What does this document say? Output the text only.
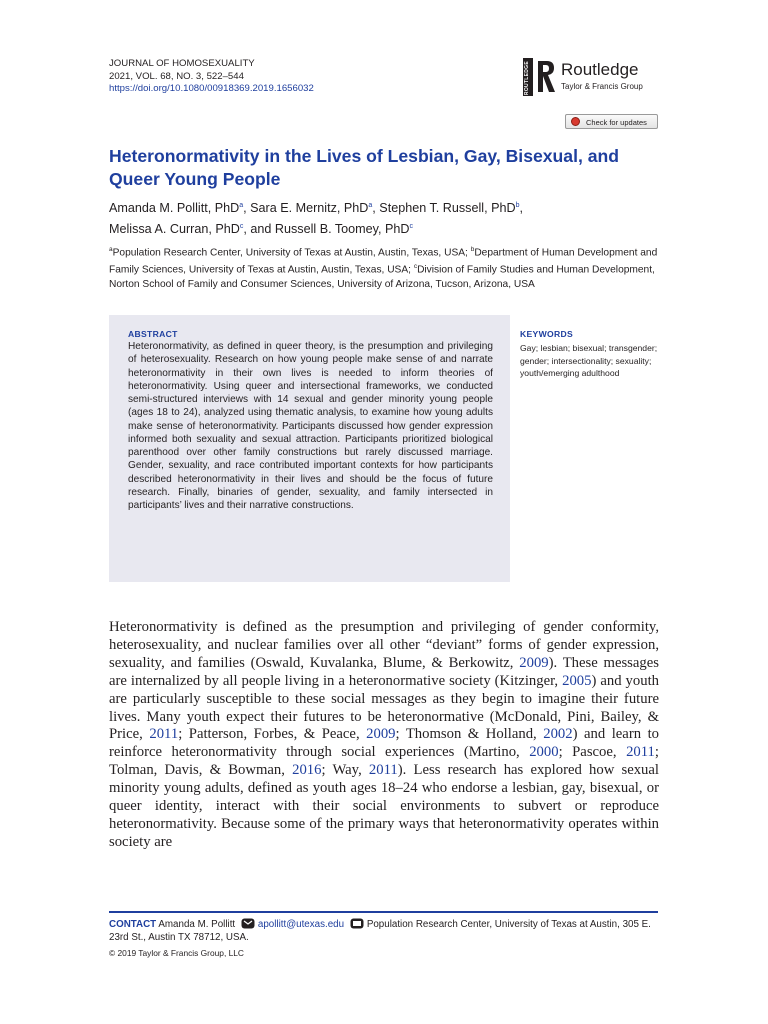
JOURNAL OF HOMOSEXUALITY
2021, VOL. 68, NO. 3, 522–544
https://doi.org/10.1080/00918369.2019.1656032	ROUTLEDGE Routledge
Taylor & Francis Group
Check for updates
Heteronormativity in the Lives of Lesbian, Gay, Bisexual, and Queer Young People
Amanda M. Pollitt, PhD$^a$, Sara E. Mernitz, PhD$^a$, Stephen T. Russell, PhD$^b$,
Melissa A. Curran, PhD$^c$, and Russell B. Toomey, PhD$^c$
$^a$Population Research Center, University of Texas at Austin, Austin, Texas, USA; $^b$Department of Human Development and Family Sciences, University of Texas at Austin, Austin, Texas, USA; $^c$Division of Family Studies and Human Development, Norton School of Family and Consumer Sciences, University of Arizona, Tucson, Arizona, USA
ABSTRACT
Heteronormativity, as defined in queer theory, is the presumption and privileging of heterosexuality. Research on how young people make sense of and narrate heteronormativity in their own lives is needed to inform theories of heteronormativity. Using queer and intersectional frameworks, we conducted semi-structured interviews with 14 sexual and gender minority young people (ages 18 to 24), analyzed using thematic analysis, to examine how young adults make sense of heteronormativity. Participants discussed how gender expression informed both sexuality and sexual attraction. Participants prioritized biological parenthood over other family constructions but rarely discussed marriage. Gender, sexuality, and race contributed important contexts for how participants described heteronormativity in their lives and should be the focus of future research. Finally, binaries of gender, sexuality, and family intersected in participants’ lives and their narrative constructions.
KEYWORDS
Gay; lesbian; bisexual; transgender; gender; intersectionality; sexuality; youth/emerging adulthood

Heteronormativity is defined as the presumption and privileging of gender conformity, heterosexuality, and nuclear families over all other “deviant” forms of gender expression, sexuality, and families (Oswald, Kuvalanka, Blume, & Berkowitz, 2009). These messages are internalized by all people living in a heteronormative society (Kitzinger, 2005) and youth are particularly susceptible to these social messages as they begin to imagine their future lives. Many youth expect their futures to be heteronormative (McDonald, Pini, Bailey, & Price, 2011; Patterson, Forbes, & Peace, 2009; Thomson & Holland, 2002) and learn to reinforce heteronormativity through social experiences (Martino, 2000; Pascoe, 2011; Tolman, Davis, & Bowman, 2016; Way, 2011). Less research has explored how sexual minority young adults, defined as youth ages 18–24 who endorse a lesbian, gay, bisexual, or queer identity, interact with their social environments to subvert or reproduce heteronormativity. Because some of the primary ways that heteronormativity operates within society are

CONTACT Amanda M. Pollitt apollitt@utexas.edu Population Research Center, University of Texas at Austin, 305 E. 23rd St., Austin TX 78712, USA.
© 2019 Taylor & Francis Group, LLC
